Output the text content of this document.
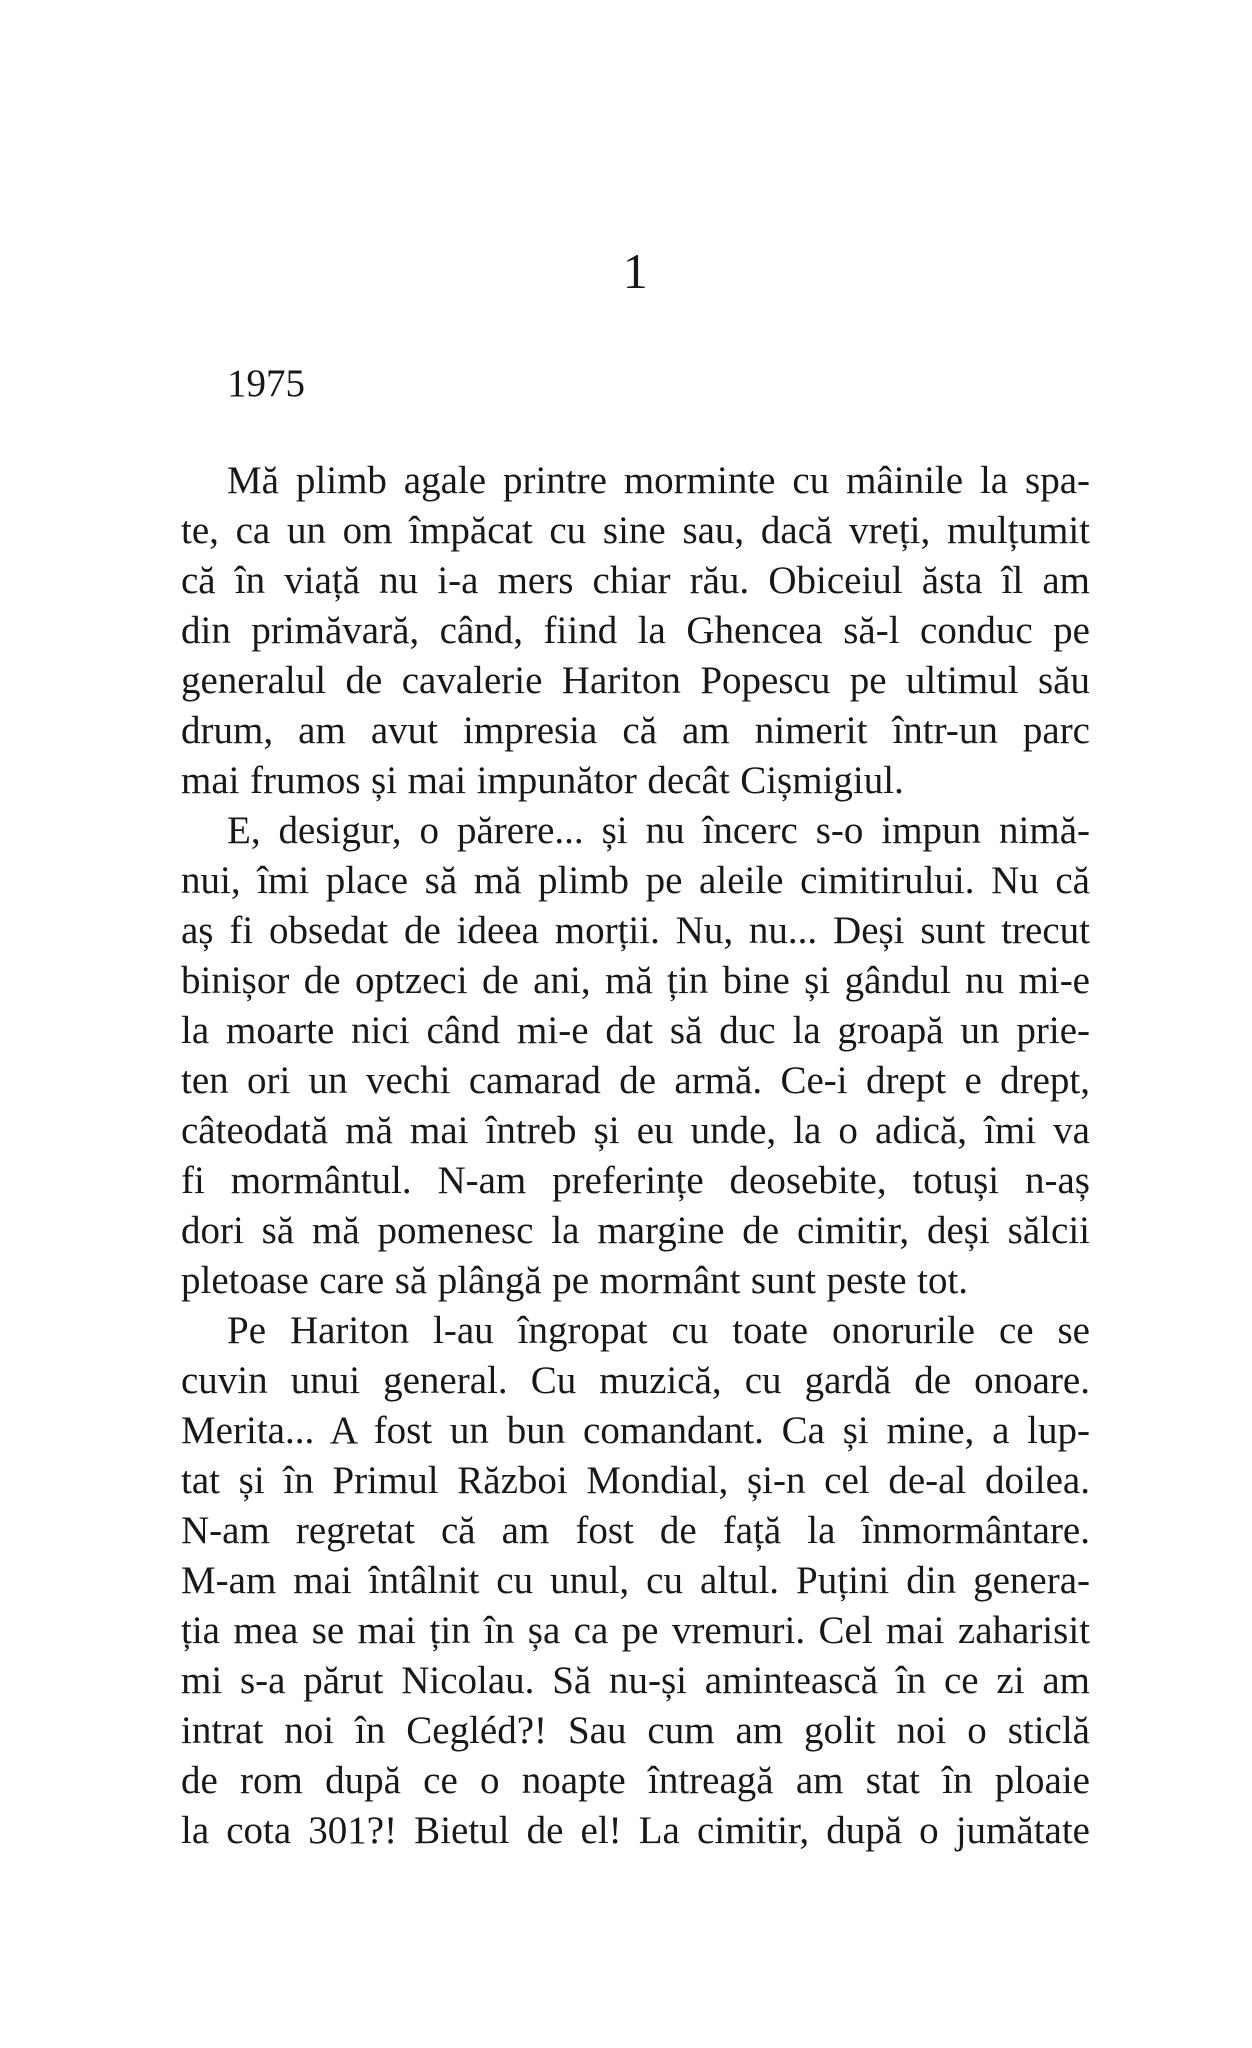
1
1975
Mă plimb agale printre morminte cu mâinile la spa-
te, ca un om împăcat cu sine sau, dacă vreți, mulțumit
că în viață nu i-a mers chiar rău. Obiceiul ăsta îl am
din primăvară, când, fiind la Ghencea să-l conduc pe
generalul de cavalerie Hariton Popescu pe ultimul său
drum, am avut impresia că am nimerit într-un parc
mai frumos și mai impunător decât Cișmigiul.
E, desigur, o părere... și nu încerc s-o impun nimă-
nui, îmi place să mă plimb pe aleile cimitirului. Nu că
aș fi obsedat de ideea morții. Nu, nu... Deși sunt trecut
binișor de optzeci de ani, mă țin bine și gândul nu mi-e
la moarte nici când mi-e dat să duc la groapă un prie-
ten ori un vechi camarad de armă. Ce-i drept e drept,
câteodată mă mai întreb și eu unde, la o adică, îmi va
fi mormântul. N-am preferințe deosebite, totuși n-aș
dori să mă pomenesc la margine de cimitir, deși sălcii
pletoase care să plângă pe mormânt sunt peste tot.
Pe Hariton l-au îngropat cu toate onorurile ce se
cuvin unui general. Cu muzică, cu gardă de onoare.
Merita... A fost un bun comandant. Ca și mine, a lup-
tat și în Primul Război Mondial, și-n cel de-al doilea.
N-am regretat că am fost de față la înmormântare.
M-am mai întâlnit cu unul, cu altul. Puțini din genera-
ția mea se mai țin în șa ca pe vremuri. Cel mai zaharisit
mi s-a părut Nicolau. Să nu-și amintească în ce zi am
intrat noi în Cegléd?! Sau cum am golit noi o sticlă
de rom după ce o noapte întreagă am stat în ploaie
la cota 301?! Bietul de el! La cimitir, după o jumătate
